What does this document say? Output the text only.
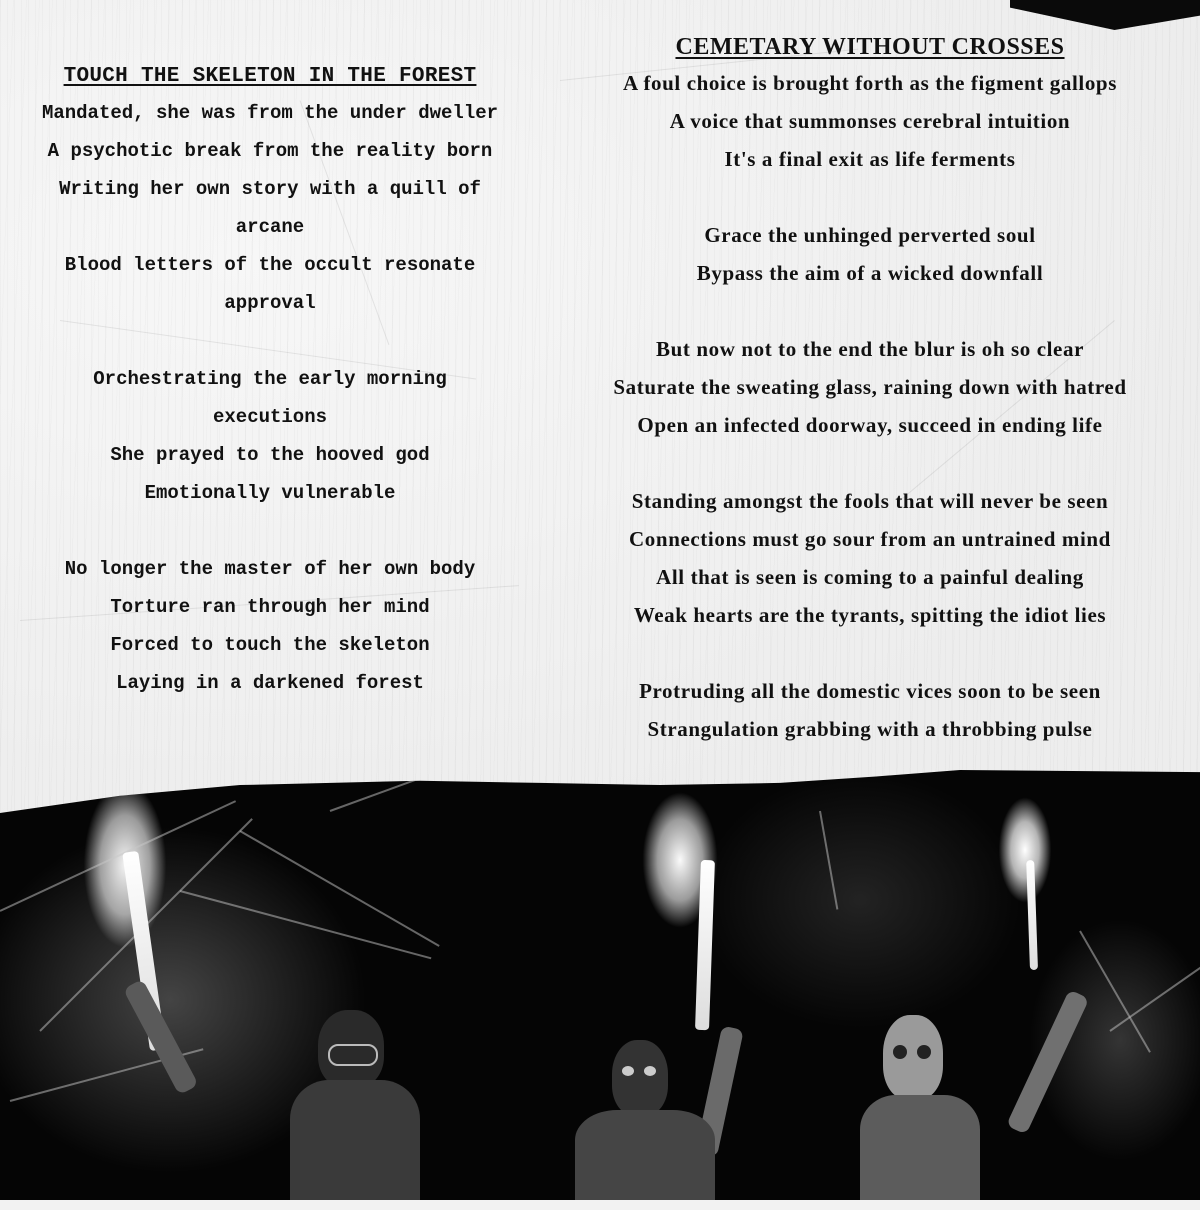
TOUCH THE SKELETON IN THE FOREST
Mandated, she was from the under dweller
A psychotic break from the reality born
Writing her own story with a quill of
arcane
Blood letters of the occult resonate
approval
Orchestrating the early morning
executions
She prayed to the hooved god
Emotionally vulnerable
No longer the master of her own body
Torture ran through her mind
Forced to touch the skeleton
Laying in a darkened forest
CEMETARY WITHOUT CROSSES
A foul choice is brought forth as the figment gallops
A voice that summonses cerebral intuition
It's a final exit as life ferments
Grace the unhinged perverted soul
Bypass the aim of a wicked downfall
But now not to the end the blur is oh so clear
Saturate the sweating glass, raining down with hatred
Open an infected doorway, succeed in ending life
Standing amongst the fools that will never be seen
Connections must go sour from an untrained mind
All that is seen is coming to a painful dealing
Weak hearts are the tyrants, spitting the idiot lies
Protruding all the domestic vices soon to be seen
Strangulation grabbing with a throbbing pulse
